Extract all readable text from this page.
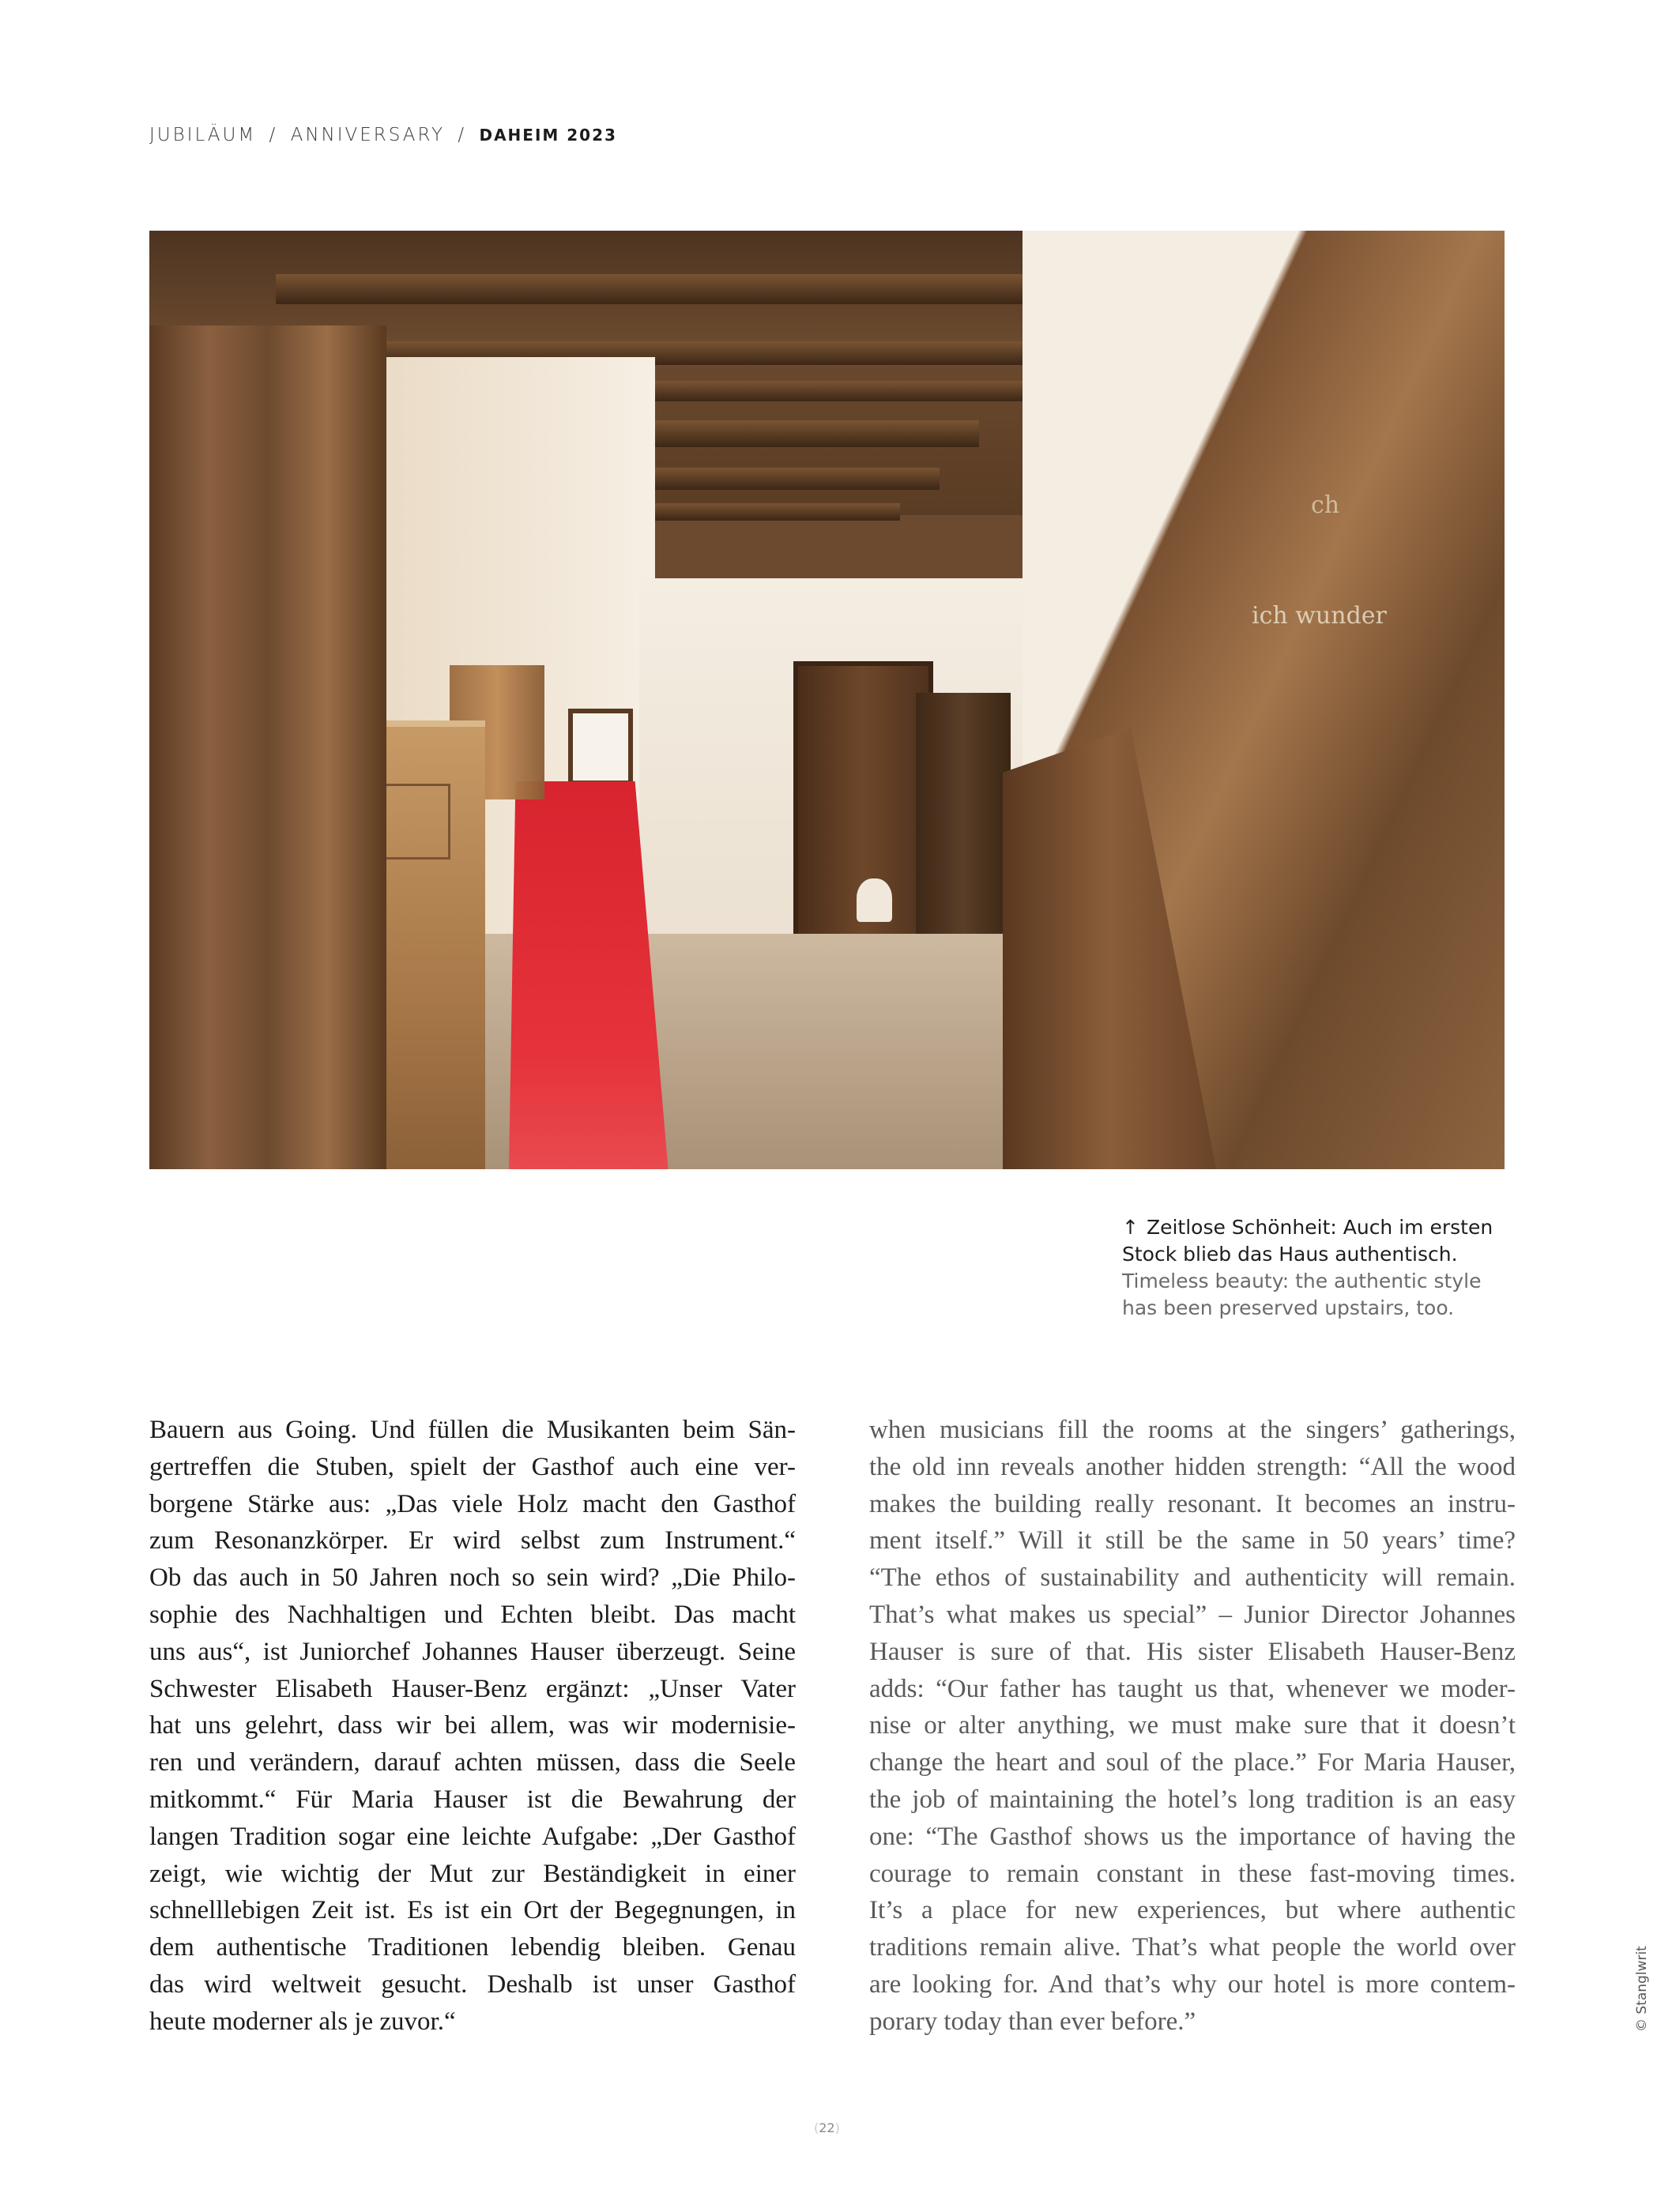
JUBILÄUM / ANNIVERSARY / DAHEIM 2023
ich wunder
ch
↑ Zeitlose Schönheit: Auch im ersten
Stock blieb das Haus authentisch.
Timeless beauty: the authentic style
has been preserved upstairs, too.
Bauern aus Going. Und füllen die Musikanten beim Sän-
gertreffen die Stuben, spielt der Gasthof auch eine ver-
borgene Stärke aus: „Das viele Holz macht den Gasthof
zum Resonanzkörper. Er wird selbst zum Instrument.“
Ob das auch in 50 Jahren noch so sein wird? „Die Philo-
sophie des Nachhaltigen und Echten bleibt. Das macht
uns aus“, ist Juniorchef Johannes Hauser überzeugt. Seine
Schwester Elisabeth Hauser-Benz ergänzt: „Unser Vater
hat uns gelehrt, dass wir bei allem, was wir modernisie-
ren und verändern, darauf achten müssen, dass die Seele
mitkommt.“ Für Maria Hauser ist die Bewahrung der
langen Tradition sogar eine leichte Aufgabe: „Der Gasthof
zeigt, wie wichtig der Mut zur Beständigkeit in einer
schnelllebigen Zeit ist. Es ist ein Ort der Begegnungen, in
dem authentische Traditionen lebendig bleiben. Genau
das wird weltweit gesucht. Deshalb ist unser Gasthof
heute moderner als je zuvor.“
when musicians fill the rooms at the singers’ gatherings,
the old inn reveals another hidden strength: “All the wood
makes the building really resonant. It becomes an instru-
ment itself.” Will it still be the same in 50 years’ time?
“The ethos of sustainability and authenticity will remain.
That’s what makes us special” – Junior Director Johannes
Hauser is sure of that. His sister Elisabeth Hauser-Benz
adds: “Our father has taught us that, whenever we moder-
nise or alter anything, we must make sure that it doesn’t
change the heart and soul of the place.” For Maria Hauser,
the job of maintaining the hotel’s long tradition is an easy
one: “The Gasthof shows us the importance of having the
courage to remain constant in these fast-moving times.
It’s a place for new experiences, but where authentic
traditions remain alive. That’s what people the world over
are looking for. And that’s why our hotel is more contem-
porary today than ever before.”	© Stanglwrit
(22)
